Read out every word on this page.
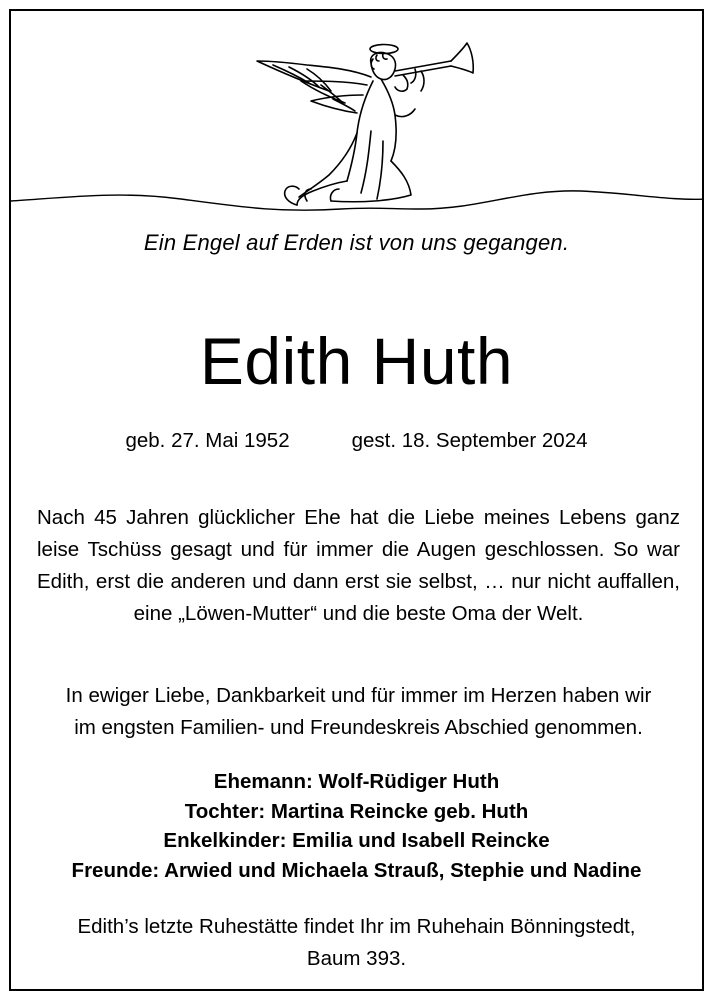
Ein Engel auf Erden ist von uns gegangen.
Edith Huth
geb. 27. Mai 1952	gest. 18. September 2024
Nach 45 Jahren glücklicher Ehe hat die Liebe meines Lebens ganz leise Tschüss gesagt und für immer die Augen geschlossen. So war Edith, erst die anderen und dann erst sie selbst, … nur nicht auffallen, eine „Löwen-Mutter“ und die beste Oma der Welt.
In ewiger Liebe, Dankbarkeit und für immer im Herzen haben wir
im engsten Familien- und Freundeskreis Abschied genommen.
Ehemann: Wolf-Rüdiger Huth
Tochter: Martina Reincke geb. Huth
Enkelkinder: Emilia und Isabell Reincke
Freunde: Arwied und Michaela Strauß, Stephie und Nadine
Edith’s letzte Ruhestätte findet Ihr im Ruhehain Bönningstedt,
Baum 393.
